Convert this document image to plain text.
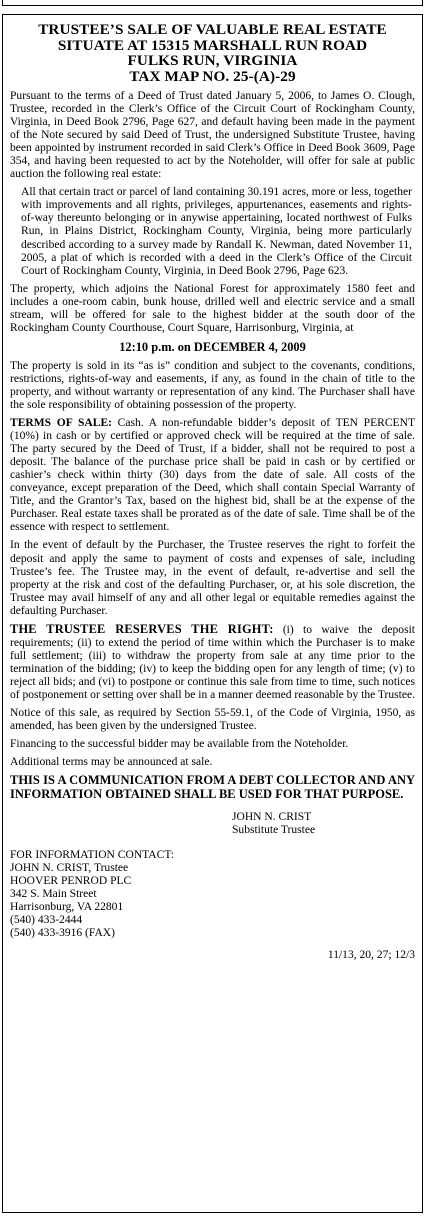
TRUSTEE’S SALE OF VALUABLE REAL ESTATE
SITUATE AT 15315 MARSHALL RUN ROAD
FULKS RUN, VIRGINIA
TAX MAP NO. 25-(A)-29

Pursuant to the terms of a Deed of Trust dated January 5, 2006, to James O. Clough, Trustee, recorded in the Clerk’s Office of the Circuit Court of Rockingham County, Virginia, in Deed Book 2796, Page 627, and default having been made in the payment of the Note secured by said Deed of Trust, the undersigned Substitute Trustee, having been appointed by instrument recorded in said Clerk’s Office in Deed Book 3609, Page 354, and having been requested to act by the Noteholder, will offer for sale at public auction the following real estate:

All that certain tract or parcel of land containing 30.191 acres, more or less, together with improvements and all rights, privileges, appurtenances, easements and rights-of-way thereunto belonging or in anywise appertaining, located northwest of Fulks Run, in Plains District, Rockingham County, Virginia, being more particularly described according to a survey made by Randall K. Newman, dated November 11, 2005, a plat of which is recorded with a deed in the Clerk’s Office of the Circuit Court of Rockingham County, Virginia, in Deed Book 2796, Page 623.

The property, which adjoins the National Forest for approximately 1580 feet and includes a one-room cabin, bunk house, drilled well and electric service and a small stream, will be offered for sale to the highest bidder at the south door of the Rockingham County Courthouse, Court Square, Harrisonburg, Virginia, at

12:10 p.m. on DECEMBER 4, 2009

The property is sold in its “as is” condition and subject to the covenants, conditions, restrictions, rights-of-way and easements, if any, as found in the chain of title to the property, and without warranty or representation of any kind. The Purchaser shall have the sole responsibility of obtaining possession of the property.

TERMS OF SALE: Cash. A non-refundable bidder’s deposit of TEN PERCENT (10%) in cash or by certified or approved check will be required at the time of sale. The party secured by the Deed of Trust, if a bidder, shall not be required to post a deposit. The balance of the purchase price shall be paid in cash or by certified or cashier’s check within thirty (30) days from the date of sale. All costs of the conveyance, except preparation of the Deed, which shall contain Special Warranty of Title, and the Grantor’s Tax, based on the highest bid, shall be at the expense of the Purchaser. Real estate taxes shall be prorated as of the date of sale. Time shall be of the essence with respect to settlement.

In the event of default by the Purchaser, the Trustee reserves the right to forfeit the deposit and apply the same to payment of costs and expenses of sale, including Trustee’s fee. The Trustee may, in the event of default, re-advertise and sell the property at the risk and cost of the defaulting Purchaser, or, at his sole discretion, the Trustee may avail himself of any and all other legal or equitable remedies against the defaulting Purchaser.

THE TRUSTEE RESERVES THE RIGHT: (i) to waive the deposit requirements; (ii) to extend the period of time within which the Purchaser is to make full settlement; (iii) to withdraw the property from sale at any time prior to the termination of the bidding; (iv) to keep the bidding open for any length of time; (v) to reject all bids; and (vi) to postpone or continue this sale from time to time, such notices of postponement or setting over shall be in a manner deemed reasonable by the Trustee.

Notice of this sale, as required by Section 55-59.1, of the Code of Virginia, 1950, as amended, has been given by the undersigned Trustee.

Financing to the successful bidder may be available from the Noteholder.

Additional terms may be announced at sale.

THIS IS A COMMUNICATION FROM A DEBT COLLECTOR AND ANY INFORMATION OBTAINED SHALL BE USED FOR THAT PURPOSE.

JOHN N. CRIST
Substitute Trustee
FOR INFORMATION CONTACT:
JOHN N. CRIST, Trustee
HOOVER PENROD PLC
342 S. Main Street
Harrisonburg, VA 22801
(540) 433-2444
(540) 433-3916 (FAX)
11/13, 20, 27; 12/3
